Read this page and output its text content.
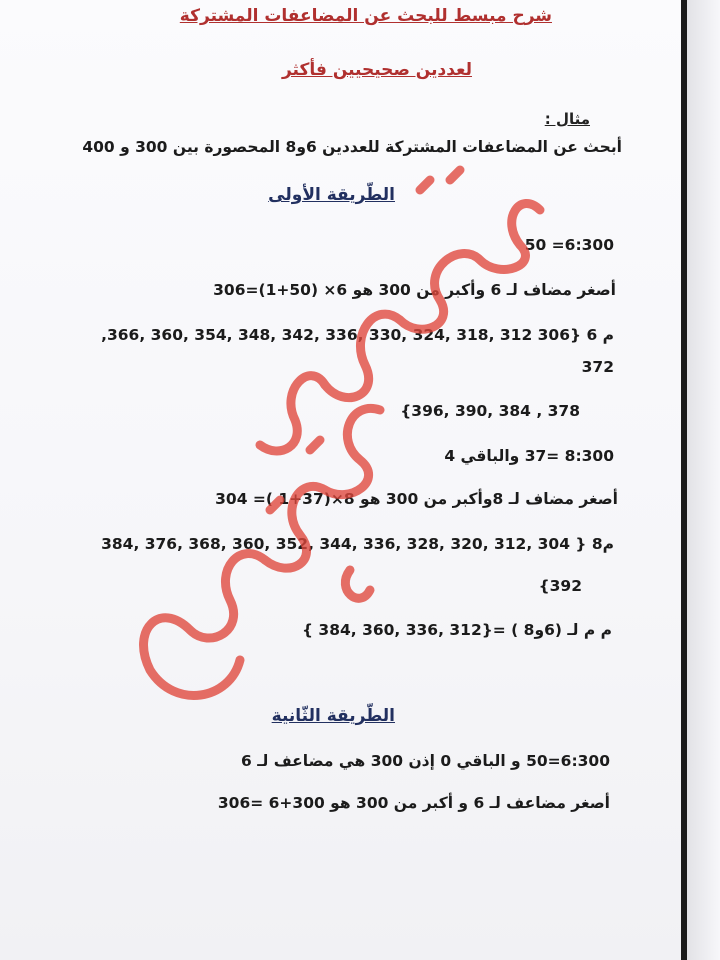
شرح مبسط للبحث عن المضاعفات المشتركة
لعددين صحيحيين فأكثر
مثال :
أبحث عن المضاعفات المشتركة للعددين 6و8 المحصورة بين 300 و 400
الطّريقة الأولى
6:300= 50
أصغر مضاف لـ 6 وأكبر من 300 هو 6× (50+1)=306
م 6 {306 312 ,318 ,324 ,330 ,336 ,342 ,348 ,354 ,360 ,366,
372
378 , 384 ,390 ,396}
8:300 =37 والباقي 4
أصغر مضاف لـ 8وأكبر من 300 هو 8×(37+1 )= 304
م8 { 304 ,312 ,320 ,328 ,336 ,344 ,352 ,360 ,368 ,376 ,384
392}
م م لـ (6و8 ) ={312 ,336 ,360 ,384 }
الطّريقة الثّانية
6:300=50 و الباقي 0 إذن 300 هي مضاعف لـ 6
أصغر مضاعف لـ 6 و أكبر من 300 هو 300+6 =306
